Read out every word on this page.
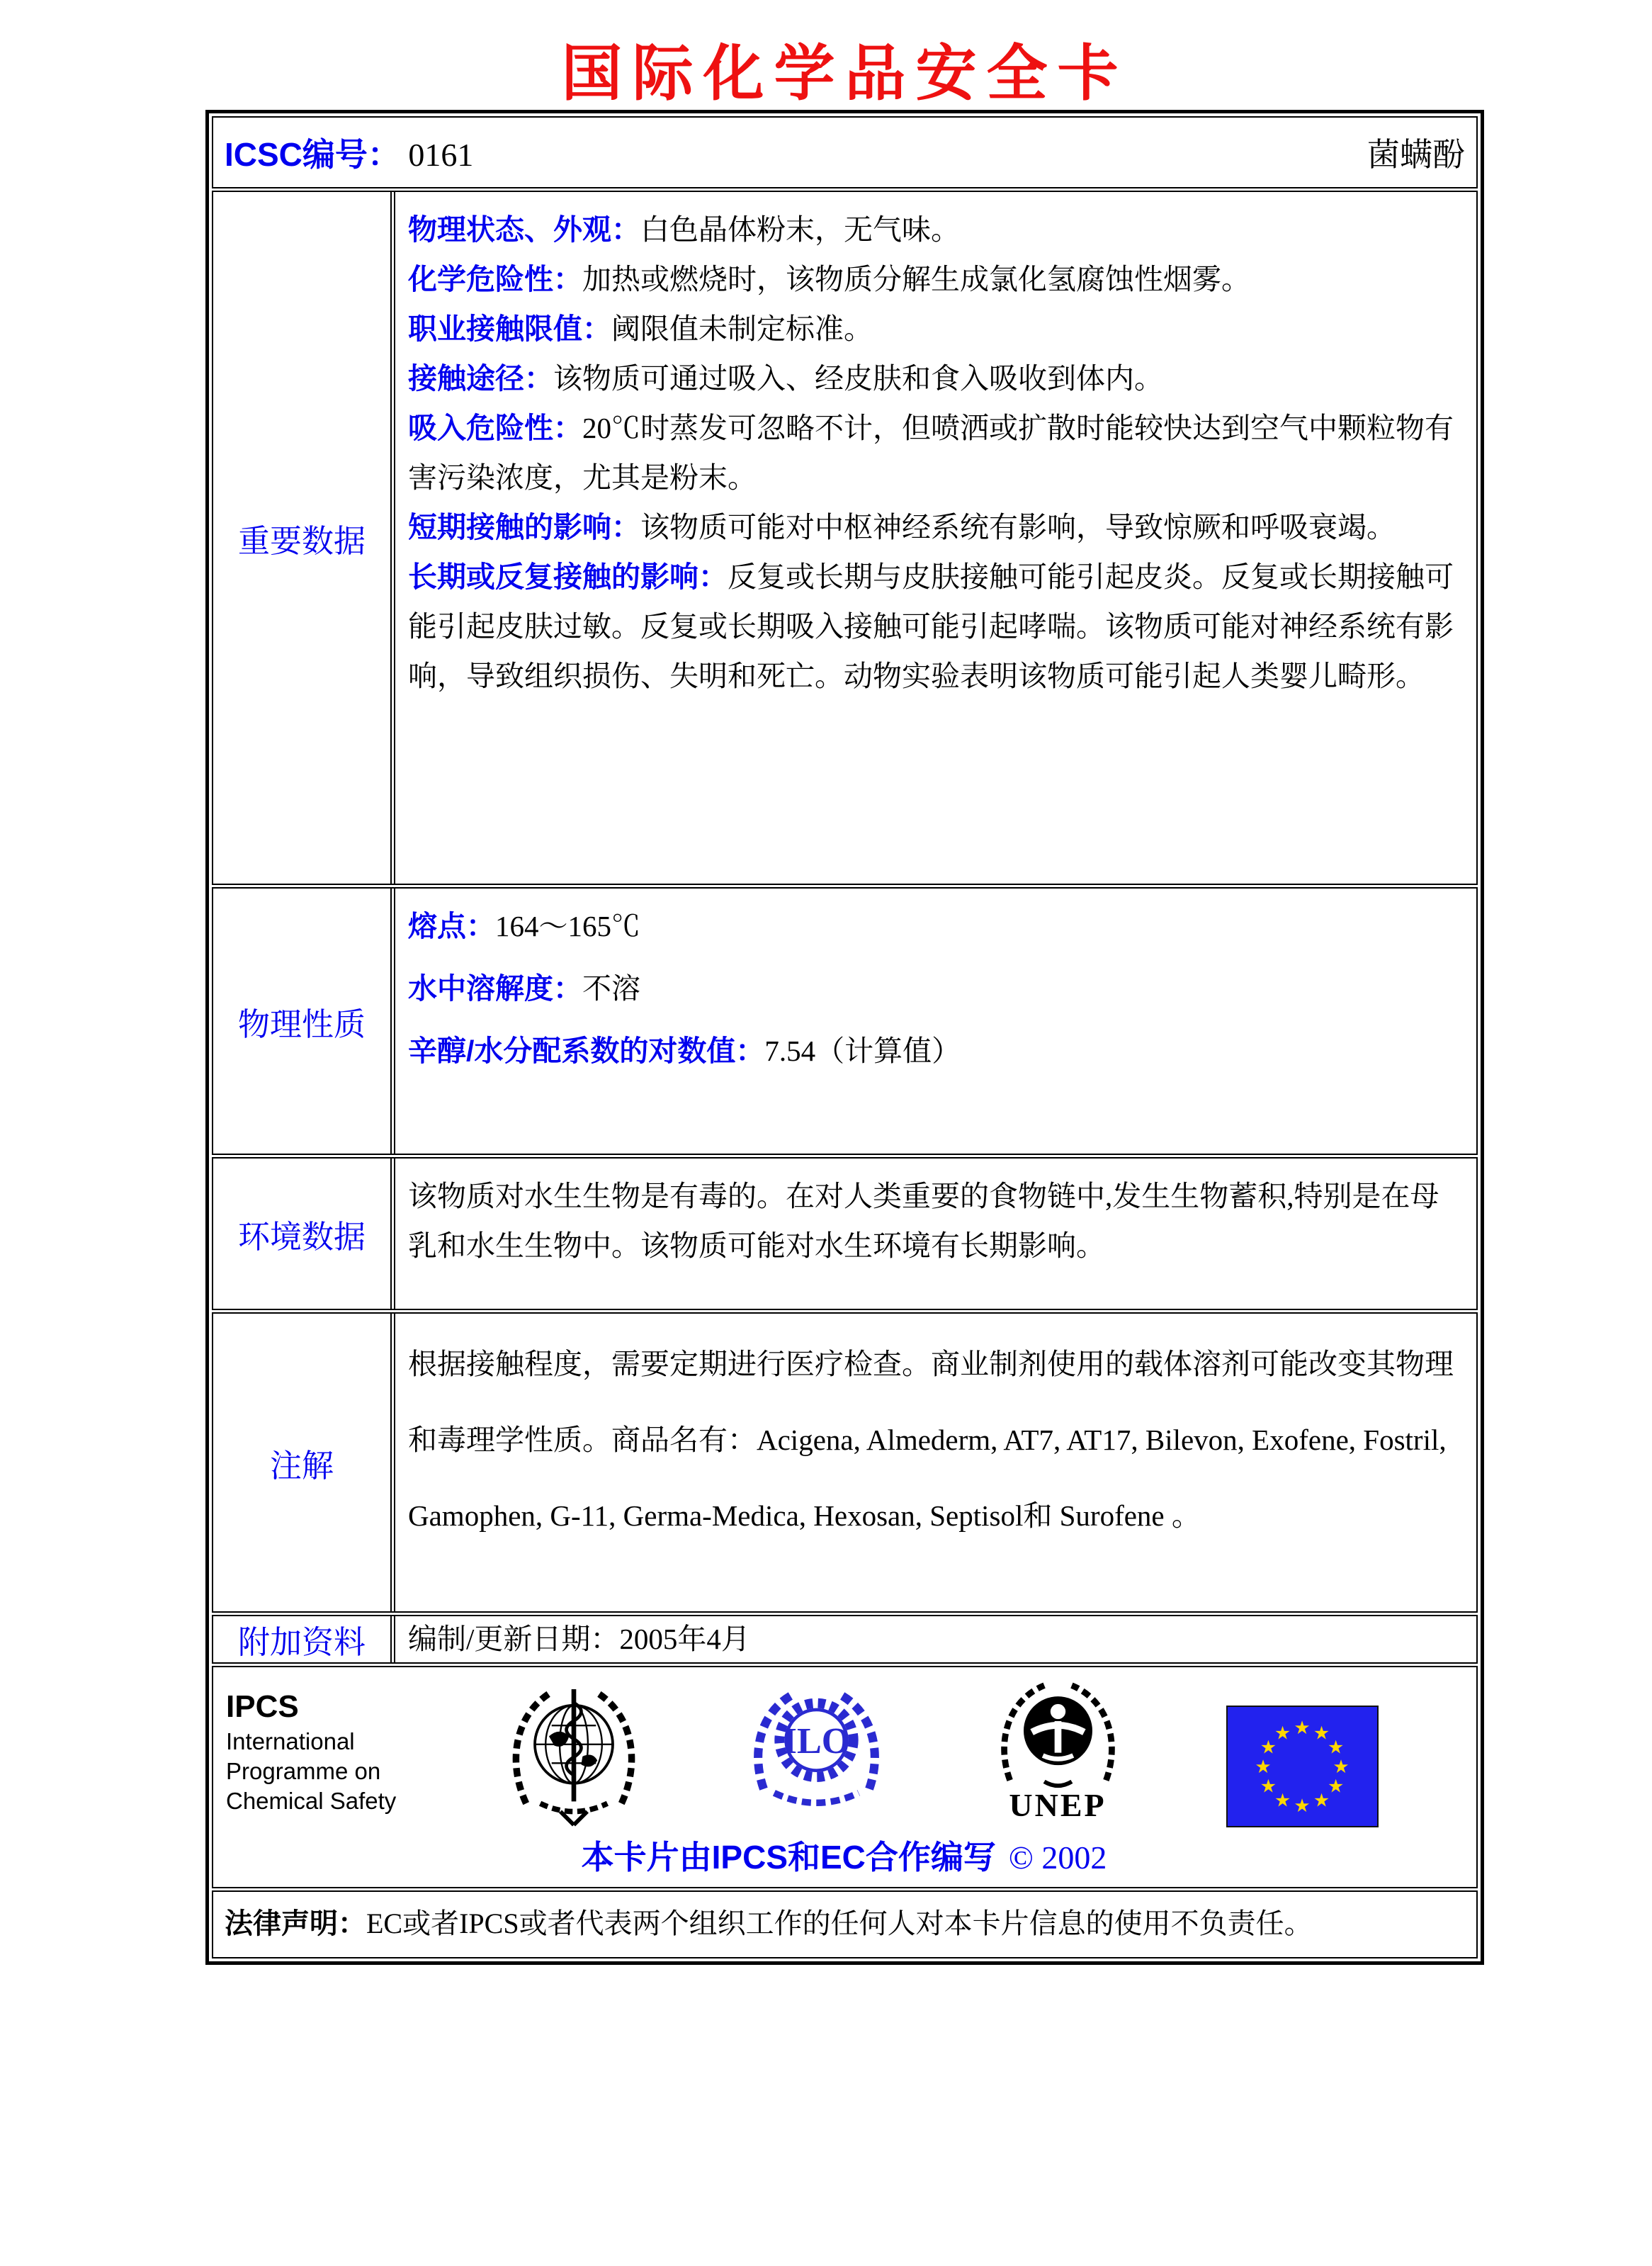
国际化学品安全卡
ICSC编号： 0161	菌螨酚
重要数据

物理状态、外观：白色晶体粉末，无气味。

化学危险性：加热或燃烧时，该物质分解生成氯化氢腐蚀性烟雾。

职业接触限值：阈限值未制定标准。

接触途径：该物质可通过吸入、经皮肤和食入吸收到体内。

吸入危险性：20℃时蒸发可忽略不计，但喷洒或扩散时能较快达到空气中颗粒物有害污染浓度，尤其是粉末。

短期接触的影响：该物质可能对中枢神经系统有影响，导致惊厥和呼吸衰竭。

长期或反复接触的影响：反复或长期与皮肤接触可能引起皮炎。反复或长期接触可能引起皮肤过敏。反复或长期吸入接触可能引起哮喘。该物质可能对神经系统有影响，导致组织损伤、失明和死亡。动物实验表明该物质可能引起人类婴儿畸形。

物理性质

熔点：164～165℃

水中溶解度：不溶

辛醇/水分配系数的对数值：7.54（计算值）

环境数据

该物质对水生生物是有毒的。在对人类重要的食物链中,发生生物蓄积,特别是在母乳和水生生物中。该物质可能对水生环境有长期影响。

注解

根据接触程度，需要定期进行医疗检查。商业制剂使用的载体溶剂可能改变其物理和毒理学性质。商品名有：Acigena, Almederm, AT7, AT17, Bilevon, Exofene, Fostril, Gamophen, G-11, Germa-Medica, Hexosan, Septisol和 Surofene 。

附加资料	编制/更新日期：2005年4月

IPCS
International
Programme on
Chemical Safety
ILO
UNEP
★ ★
★
★
★
★
★
★
★
★
★
★
本卡片由IPCS和EC合作编写 © 2002
法律声明：EC或者IPCS或者代表两个组织工作的任何人对本卡片信息的使用不负责任。
